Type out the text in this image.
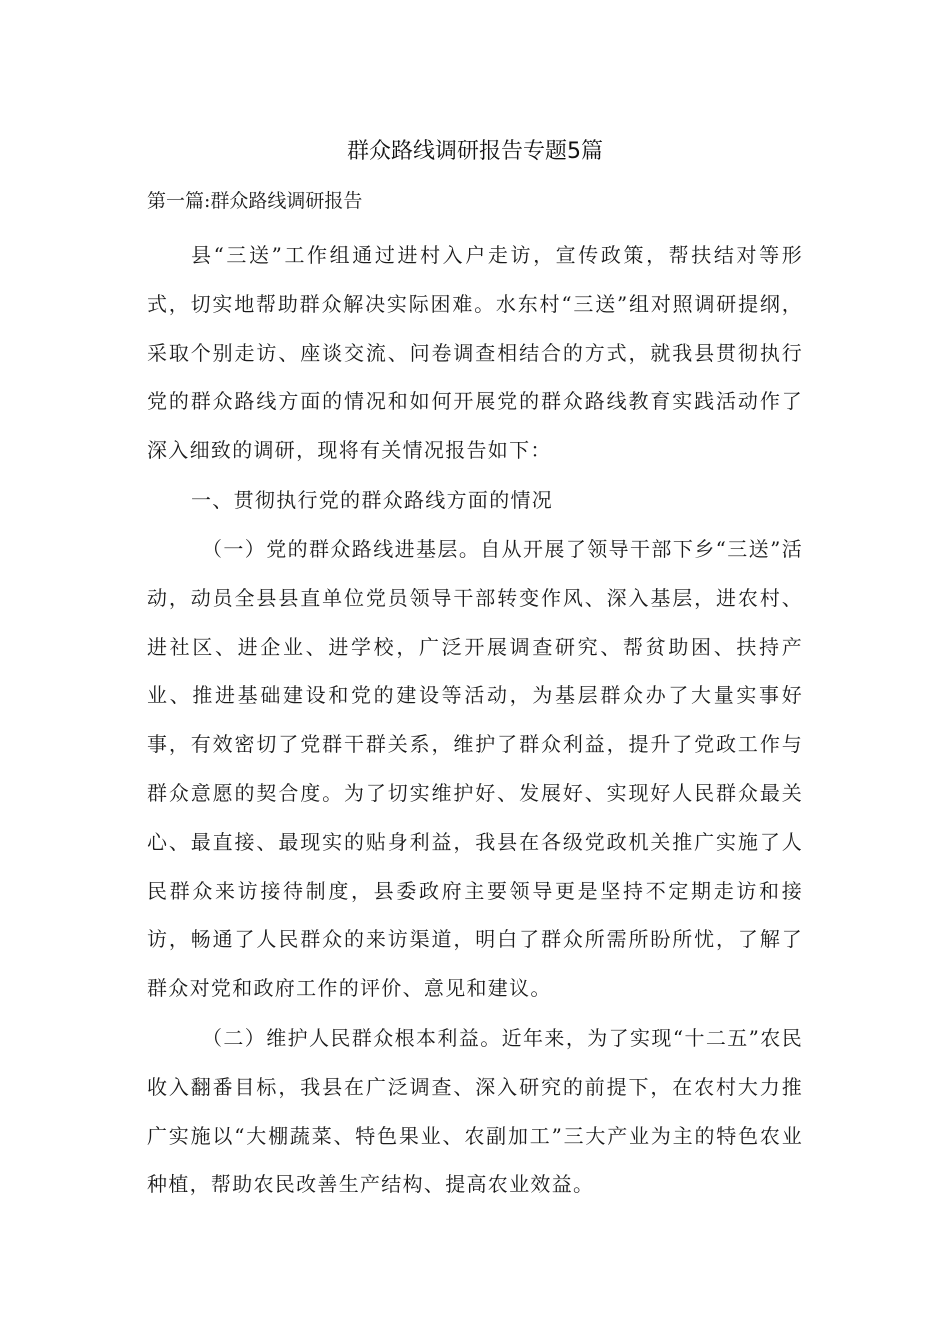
群众路线调研报告专题5篇
第一篇:群众路线调研报告

县“三送”工作组通过进村入户走访，宣传政策，帮扶结对等形式，切实地帮助群众解决实际困难。水东村“三送”组对照调研提纲，采取个别走访、座谈交流、问卷调查相结合的方式，就我县贯彻执行党的群众路线方面的情况和如何开展党的群众路线教育实践活动作了深入细致的调研，现将有关情况报告如下：

一、贯彻执行党的群众路线方面的情况

（一）党的群众路线进基层。自从开展了领导干部下乡“三送”活动，动员全县县直单位党员领导干部转变作风、深入基层，进农村、进社区、进企业、进学校，广泛开展调查研究、帮贫助困、扶持产业、推进基础建设和党的建设等活动，为基层群众办了大量实事好事，有效密切了党群干群关系，维护了群众利益，提升了党政工作与群众意愿的契合度。为了切实维护好、发展好、实现好人民群众最关心、最直接、最现实的贴身利益，我县在各级党政机关推广实施了人民群众来访接待制度，县委政府主要领导更是坚持不定期走访和接访，畅通了人民群众的来访渠道，明白了群众所需所盼所忧，了解了群众对党和政府工作的评价、意见和建议。

（二）维护人民群众根本利益。近年来，为了实现“十二五”农民收入翻番目标，我县在广泛调查、深入研究的前提下，在农村大力推广实施以“大棚蔬菜、特色果业、农副加工”三大产业为主的特色农业种植，帮助农民改善生产结构、提高农业效益。
